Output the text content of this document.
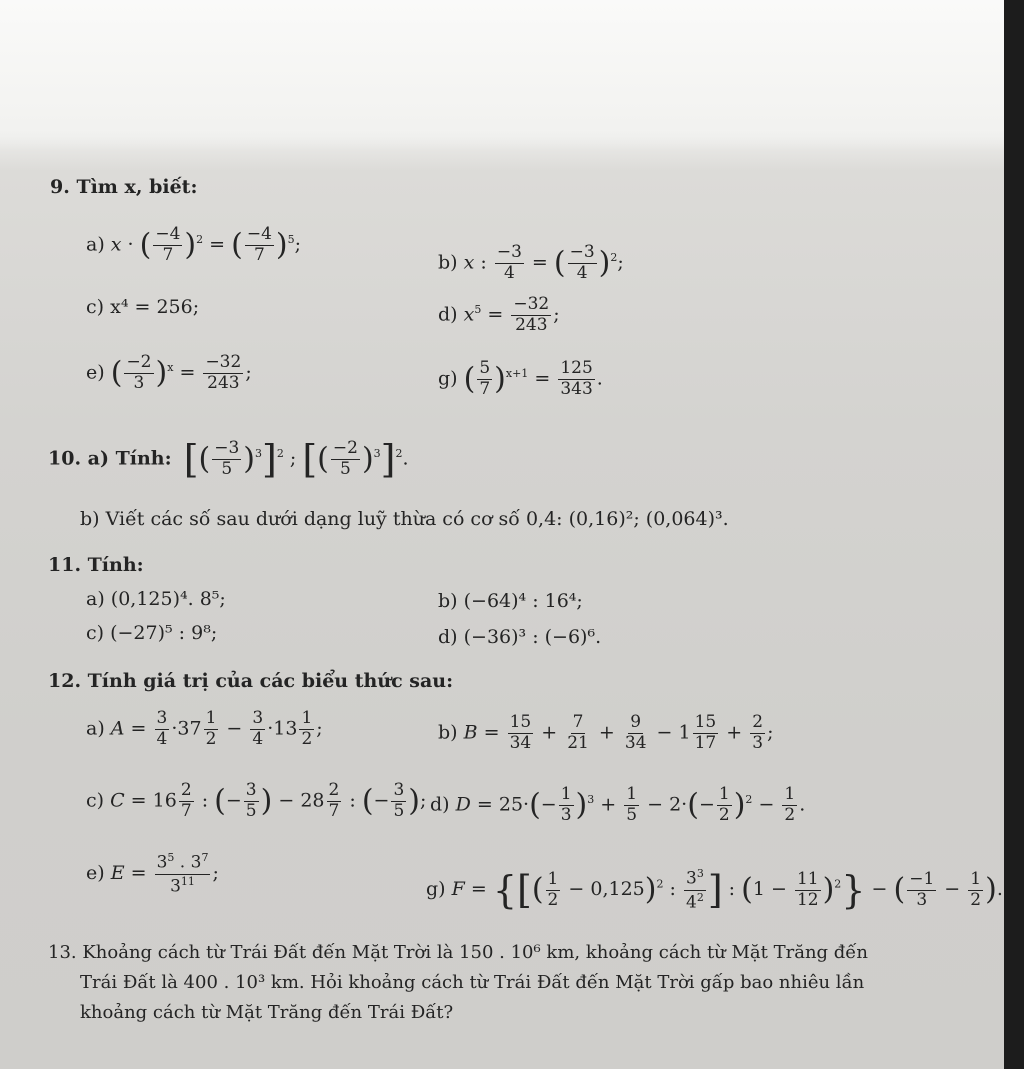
9. Tìm x, biết:
a) x · ( $\frac{-4}{7} )^2$ = ( $\frac{-4}{7} )^5$;
b) x : $\frac{-3}{4}$ = ( $\frac{-3}{4} )^2$;
c) x⁴ = 256;	d) $x^5 = \frac{-32}{243}$ ;
e) ( $\frac{-2}{3} )^x = \frac{-32}{243}$ ;	g) ( $\frac{5}{7} )^{x+1} = \frac{125}{343}$ .
10. a) Tính: [( $\frac{-3}{5} )^3]^2$ ; [( $\frac{-2}{5} )^3]^2$.
b) Viết các số sau dưới dạng luỹ thừa có cơ số 0,4: (0,16)²; (0,064)³.
11. Tính:
a) (0,125)⁴. 8⁵;	b) (−64)⁴ : 16⁴;
c) (−27)⁵ : 9⁸;	d) (−36)³ : (−6)⁶.
12. Tính giá trị của các biểu thức sau:
a) $A = \frac{3}{4} \cdot 37 \frac{1}{2} - \frac{3}{4} \cdot 13 \frac{1}{2}$ ;	b) $B = \frac{15}{34} + \frac{7}{21} + \frac{9}{34} - 1 \frac{15}{17} + \frac{2}{3}$ ;
c) $C = 16 \frac{2}{7}$ : (− $\frac{3}{5}$ ) − $28 \frac{2}{7}$ : (− $\frac{3}{5}$ ); d) $D = 25\cdot(- \frac{1}{3} )^3 + \frac{1}{5} - 2\cdot(- \frac{1}{2} )^2 - \frac{1}{2}$ .
e) $E = \frac{3^5 . 3^7}{3^{11}}$ ;
g) F = {[( $\frac{1}{2} - 0,125)^2$ : $\frac{3^3}{4^2}$ ] : $(1 - \frac{11}{12} )^2$} − ( $\frac{-1}{3} - \frac{1}{2}$ ).
13. Khoảng cách từ Trái Đất đến Mặt Trời là 150 . 10⁶ km, khoảng cách từ Mặt Trăng đến
Trái Đất là 400 . 10³ km. Hỏi khoảng cách từ Trái Đất đến Mặt Trời gấp bao nhiêu lần
khoảng cách từ Mặt Trăng đến Trái Đất?
